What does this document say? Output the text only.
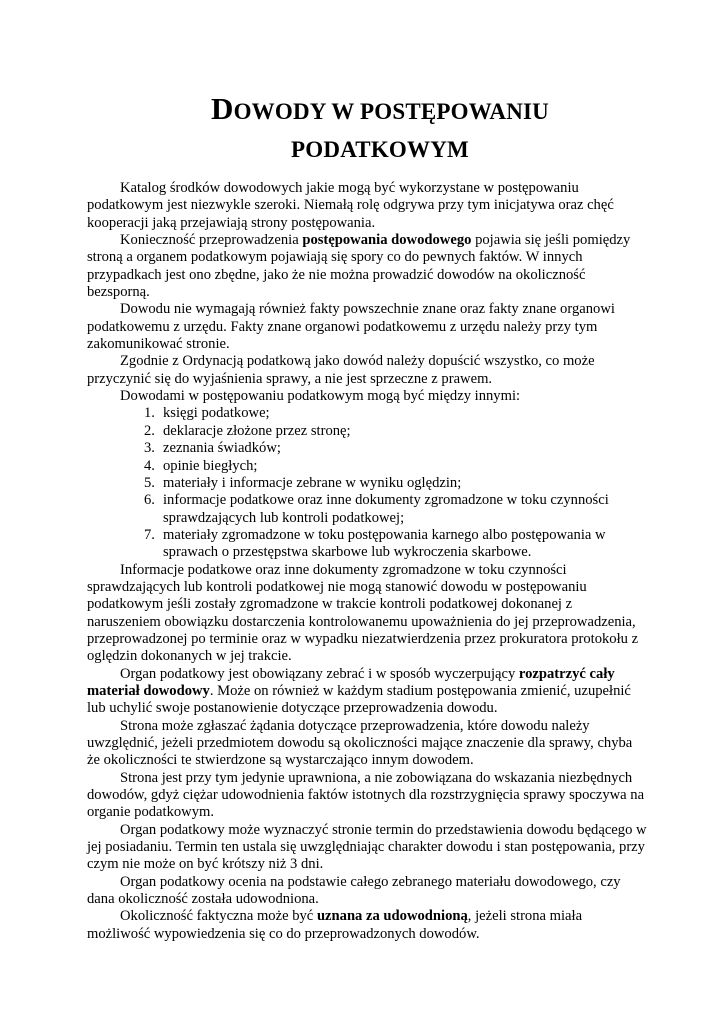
DOWODY W POSTĘPOWANIU
PODATKOWYM

Katalog środków dowodowych jakie mogą być wykorzystane w postępowaniu podatkowym jest niezwykle szeroki. Niemałą rolę odgrywa przy tym inicjatywa oraz chęć kooperacji jaką przejawiają strony postępowania.

Konieczność przeprowadzenia postępowania dowodowego pojawia się jeśli pomiędzy stroną a organem podatkowym pojawiają się spory co do pewnych faktów. W innych przypadkach jest ono zbędne, jako że nie można prowadzić dowodów na okoliczność bezsporną.

Dowodu nie wymagają również fakty powszechnie znane oraz fakty znane organowi podatkowemu z urzędu. Fakty znane organowi podatkowemu z urzędu należy przy tym zakomunikować stronie.

Zgodnie z Ordynacją podatkową jako dowód należy dopuścić wszystko, co może przyczynić się do wyjaśnienia sprawy, a nie jest sprzeczne z prawem.

Dowodami w postępowaniu podatkowym mogą być między innymi:

1. księgi podatkowe;
2. deklaracje złożone przez stronę;
3. zeznania świadków;
4. opinie biegłych;
5. materiały i informacje zebrane w wyniku oględzin;
6. informacje podatkowe oraz inne dokumenty zgromadzone w toku czynności sprawdzających lub kontroli podatkowej;
7. materiały zgromadzone w toku postępowania karnego albo postępowania w sprawach o przestępstwa skarbowe lub wykroczenia skarbowe.

Informacje podatkowe oraz inne dokumenty zgromadzone w toku czynności sprawdzających lub kontroli podatkowej nie mogą stanowić dowodu w postępowaniu podatkowym jeśli zostały zgromadzone w trakcie kontroli podatkowej dokonanej z naruszeniem obowiązku dostarczenia kontrolowanemu upoważnienia do jej przeprowadzenia, przeprowadzonej po terminie oraz w wypadku niezatwierdzenia przez prokuratora protokołu z oględzin dokonanych w jej trakcie.

Organ podatkowy jest obowiązany zebrać i w sposób wyczerpujący rozpatrzyć cały materiał dowodowy. Może on również w każdym stadium postępowania zmienić, uzupełnić lub uchylić swoje postanowienie dotyczące przeprowadzenia dowodu.

Strona może zgłaszać żądania dotyczące przeprowadzenia, które dowodu należy uwzględnić, jeżeli przedmiotem dowodu są okoliczności mające znaczenie dla sprawy, chyba że okoliczności te stwierdzone są wystarczająco innym dowodem.

Strona jest przy tym jedynie uprawniona, a nie zobowiązana do wskazania niezbędnych dowodów, gdyż ciężar udowodnienia faktów istotnych dla rozstrzygnięcia sprawy spoczywa na organie podatkowym.

Organ podatkowy może wyznaczyć stronie termin do przedstawienia dowodu będącego w jej posiadaniu. Termin ten ustala się uwzględniając charakter dowodu i stan postępowania, przy czym nie może on być krótszy niż 3 dni.

Organ podatkowy ocenia na podstawie całego zebranego materiału dowodowego, czy dana okoliczność została udowodniona.

Okoliczność faktyczna może być uznana za udowodnioną, jeżeli strona miała możliwość wypowiedzenia się co do przeprowadzonych dowodów.
